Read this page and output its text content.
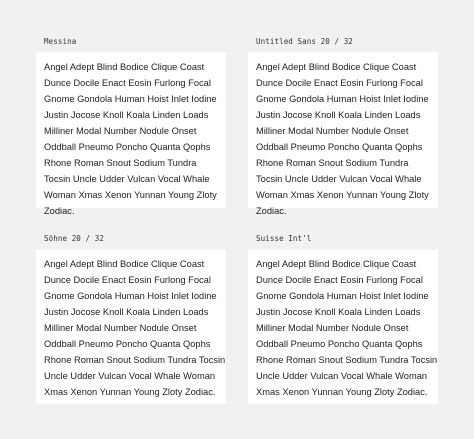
Messina
Angel Adept Blind Bodice Clique Coast
Dunce Docile Enact Eosin Furlong Focal
Gnome Gondola Human Hoist Inlet Iodine
Justin Jocose Knoll Koala Linden Loads
Milliner Modal Number Nodule Onset
Oddball Pneumo Poncho Quanta Qophs
Rhone Roman Snout Sodium Tundra
Tocsin Uncle Udder Vulcan Vocal Whale
Woman Xmas Xenon Yunnan Young Zloty
Zodiac.
Untitled Sans 20 / 32
Angel Adept Blind Bodice Clique Coast
Dunce Docile Enact Eosin Furlong Focal
Gnome Gondola Human Hoist Inlet Iodine
Justin Jocose Knoll Koala Linden Loads
Milliner Modal Number Nodule Onset
Oddball Pneumo Poncho Quanta Qophs
Rhone Roman Snout Sodium Tundra
Tocsin Uncle Udder Vulcan Vocal Whale
Woman Xmas Xenon Yunnan Young Zloty
Zodiac.
Söhne 20 / 32
Angel Adept Blind Bodice Clique Coast
Dunce Docile Enact Eosin Furlong Focal
Gnome Gondola Human Hoist Inlet Iodine
Justin Jocose Knoll Koala Linden Loads
Milliner Modal Number Nodule Onset
Oddball Pneumo Poncho Quanta Qophs
Rhone Roman Snout Sodium Tundra Tocsin
Uncle Udder Vulcan Vocal Whale Woman
Xmas Xenon Yunnan Young Zloty Zodiac.
Suisse Int'l
Angel Adept Blind Bodice Clique Coast
Dunce Docile Enact Eosin Furlong Focal
Gnome Gondola Human Hoist Inlet Iodine
Justin Jocose Knoll Koala Linden Loads
Milliner Modal Number Nodule Onset
Oddball Pneumo Poncho Quanta Qophs
Rhone Roman Snout Sodium Tundra Tocsin
Uncle Udder Vulcan Vocal Whale Woman
Xmas Xenon Yunnan Young Zloty Zodiac.
